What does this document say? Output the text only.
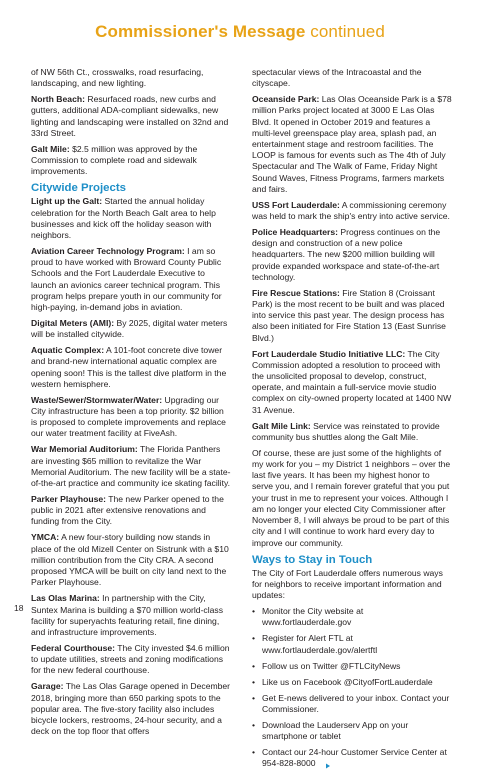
Commissioner's Message continued

of NW 56th Ct., crosswalks, road resurfacing, landscaping, and new lighting.

North Beach: Resurfaced roads, new curbs and gutters, additional ADA-compliant sidewalks, new lighting and landscaping were installed on 32nd and 33rd Street.

Galt Mile: $2.5 million was approved by the Commission to complete road and sidewalk improvements.

Citywide Projects

Light up the Galt: Started the annual holiday celebration for the North Beach Galt area to help businesses and kick off the holiday season with neighbors.

Aviation Career Technology Program: I am so proud to have worked with Broward County Public Schools and the Fort Lauderdale Executive to launch an avionics career technical program. This program helps prepare youth in our community for high-paying, in-demand jobs in aviation.

Digital Meters (AMI): By 2025, digital water meters will be installed citywide.

Aquatic Complex: A 101-foot concrete dive tower and brand-new international aquatic complex are opening soon! This is the tallest dive platform in the western hemisphere.

Waste/Sewer/Stormwater/Water: Upgrading our City infrastructure has been a top priority. $2 billion is proposed to complete improvements and replace our water treatment facility at FiveAsh.

War Memorial Auditorium: The Florida Panthers are investing $65 million to revitalize the War Memorial Auditorium. The new facility will be a state-of-the-art practice and community ice skating facility.

Parker Playhouse: The new Parker opened to the public in 2021 after extensive renovations and funding from the City.

YMCA: A new four-story building now stands in place of the old Mizell Center on Sistrunk with a $10 million contribution from the City CRA. A second proposed YMCA will be built on city land next to the Parker Playhouse.

Las Olas Marina: In partnership with the City, Suntex Marina is building a $70 million world-class facility for superyachts featuring retail, fine dining, and infrastructure improvements.

Federal Courthouse: The City invested $4.6 million to update utilities, streets and zoning modifications for the new federal courthouse.

Garage: The Las Olas Garage opened in December 2018, bringing more than 650 parking spots to the popular area. The five-story facility also includes bicycle lockers, restrooms, 24-hour security, and a deck on the top floor that offers

spectacular views of the Intracoastal and the cityscape.

Oceanside Park: Las Olas Oceanside Park is a $78 million Parks project located at 3000 E Las Olas Blvd. It opened in October 2019 and features a multi-level greenspace play area, splash pad, an entertainment stage and restroom facilities. The LOOP is famous for events such as The 4th of July Spectacular and The Walk of Fame, Friday Night Sound Waves, Fitness Programs, farmers markets and fairs.

USS Fort Lauderdale: A commissioning ceremony was held to mark the ship's entry into active service.

Police Headquarters: Progress continues on the design and construction of a new police headquarters. The new $200 million building will provide expanded workspace and state-of-the-art technology.

Fire Rescue Stations: Fire Station 8 (Croissant Park) is the most recent to be built and was placed into service this past year. The design process has also been initiated for Fire Station 13 (East Sunrise Blvd.)

Fort Lauderdale Studio Initiative LLC: The City Commission adopted a resolution to proceed with the unsolicited proposal to develop, construct, operate, and maintain a full-service movie studio complex on city-owned property located at 1400 NW 31 Avenue.

Galt Mile Link: Service was reinstated to provide community bus shuttles along the Galt Mile.

Of course, these are just some of the highlights of my work for you – my District 1 neighbors – over the last five years. It has been my highest honor to serve you, and I remain forever grateful that you put your trust in me to represent your voices. Although I am no longer your elected City Commissioner after November 8, I will always be proud to be part of this city and I will continue to work hard every day to improve our community.

Ways to Stay in Touch

The City of Fort Lauderdale offers numerous ways for neighbors to receive important information and updates:

• Monitor the City website at www.fortlauderdale.gov
• Register for Alert FTL at www.fortlauderdale.gov/alertftl
• Follow us on Twitter @FTLCityNews
• Like us on Facebook @CityofFortLauderdale
• Get E-news delivered to your inbox. Contact your Commissioner.
• Download the Lauderserv App on your smartphone or tablet
• Contact our 24-hour Customer Service Center at 954-828-8000
18
